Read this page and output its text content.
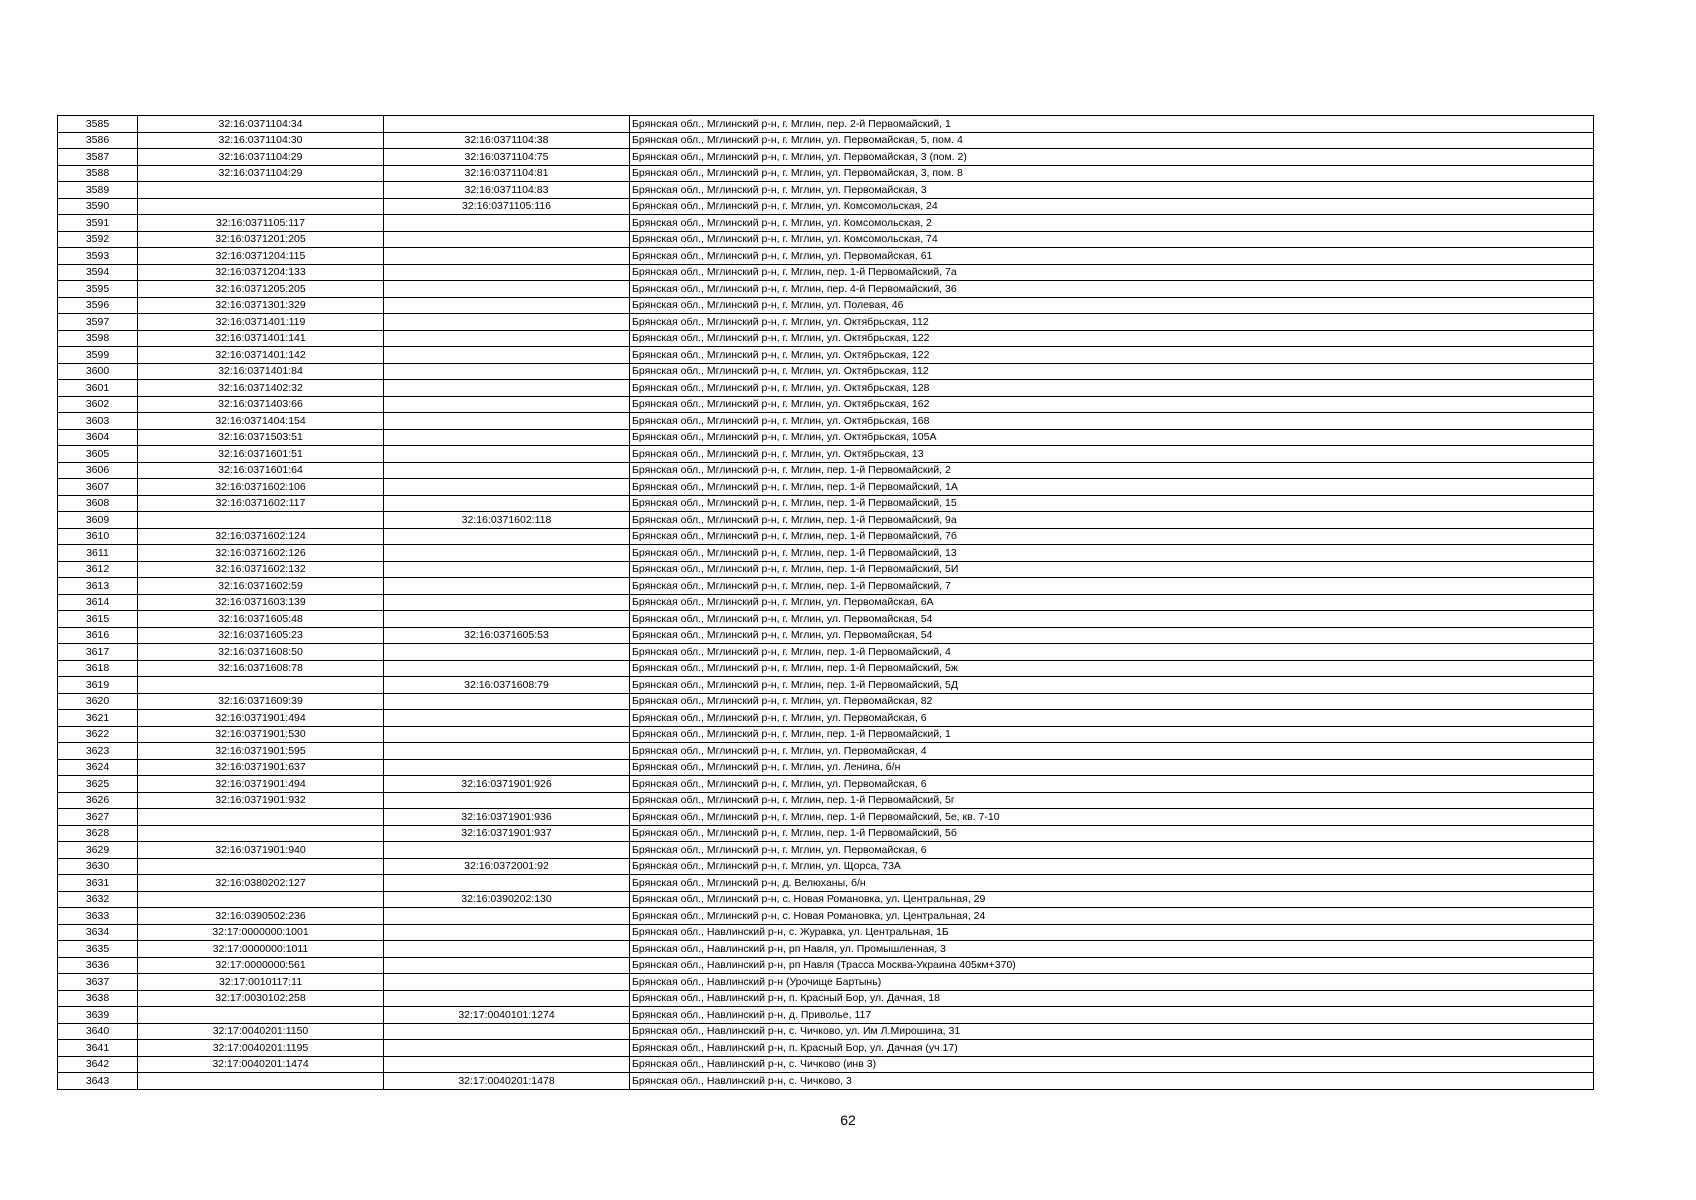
3585	32:16:0371104:34		Брянская обл., Мглинский р-н, г. Мглин, пер. 2-й Первомайский, 1
3586	32:16:0371104:30	32:16:0371104:38	Брянская обл., Мглинский р-н, г. Мглин, ул. Первомайская, 5, пом. 4
3587	32:16:0371104:29	32:16:0371104:75	Брянская обл., Мглинский р-н, г. Мглин, ул. Первомайская, 3 (пом. 2)
3588	32:16:0371104:29	32:16:0371104:81	Брянская обл., Мглинский р-н, г. Мглин, ул. Первомайская, 3, пом. 8
3589		32:16:0371104:83	Брянская обл., Мглинский р-н, г. Мглин, ул. Первомайская, 3
3590		32:16:0371105:116	Брянская обл., Мглинский р-н, г. Мглин, ул. Комсомольская, 24
3591	32:16:0371105:117		Брянская обл., Мглинский р-н, г. Мглин, ул. Комсомольская, 2
3592	32:16:0371201:205		Брянская обл., Мглинский р-н, г. Мглин, ул. Комсомольская, 74
3593	32:16:0371204:115		Брянская обл., Мглинский р-н, г. Мглин, ул. Первомайская, 61
3594	32:16:0371204:133		Брянская обл., Мглинский р-н, г. Мглин, пер. 1-й Первомайский, 7а
3595	32:16:0371205:205		Брянская обл., Мглинский р-н, г. Мглин, пер. 4-й Первомайский, 36
3596	32:16:0371301:329		Брянская обл., Мглинский р-н, г. Мглин, ул. Полевая, 46
3597	32:16:0371401:119		Брянская обл., Мглинский р-н, г. Мглин, ул. Октябрьская, 112
3598	32:16:0371401:141		Брянская обл., Мглинский р-н, г. Мглин, ул. Октябрьская, 122
3599	32:16:0371401:142		Брянская обл., Мглинский р-н, г. Мглин, ул. Октябрьская, 122
3600	32:16:0371401:84		Брянская обл., Мглинский р-н, г. Мглин, ул. Октябрьская, 112
3601	32:16:0371402:32		Брянская обл., Мглинский р-н, г. Мглин, ул. Октябрьская, 128
3602	32:16:0371403:66		Брянская обл., Мглинский р-н, г. Мглин, ул. Октябрьская, 162
3603	32:16:0371404:154		Брянская обл., Мглинский р-н, г. Мглин, ул. Октябрьская, 168
3604	32:16:0371503:51		Брянская обл., Мглинский р-н, г. Мглин, ул. Октябрьская, 105А
3605	32:16:0371601:51		Брянская обл., Мглинский р-н, г. Мглин, ул. Октябрьская, 13
3606	32:16:0371601:64		Брянская обл., Мглинский р-н, г. Мглин, пер. 1-й Первомайский, 2
3607	32:16:0371602:106		Брянская обл., Мглинский р-н, г. Мглин, пер. 1-й Первомайский, 1А
3608	32:16:0371602:117		Брянская обл., Мглинский р-н, г. Мглин, пер. 1-й Первомайский, 15
3609		32:16:0371602:118	Брянская обл., Мглинский р-н, г. Мглин, пер. 1-й Первомайский, 9а
3610	32:16:0371602:124		Брянская обл., Мглинский р-н, г. Мглин, пер. 1-й Первомайский, 7б
3611	32:16:0371602:126		Брянская обл., Мглинский р-н, г. Мглин, пер. 1-й Первомайский, 13
3612	32:16:0371602:132		Брянская обл., Мглинский р-н, г. Мглин, пер. 1-й Первомайский, 5И
3613	32:16:0371602:59		Брянская обл., Мглинский р-н, г. Мглин, пер. 1-й Первомайский, 7
3614	32:16:0371603:139		Брянская обл., Мглинский р-н, г. Мглин, ул. Первомайская, 6А
3615	32:16:0371605:48		Брянская обл., Мглинский р-н, г. Мглин, ул. Первомайская, 54
3616	32:16:0371605:23	32:16:0371605:53	Брянская обл., Мглинский р-н, г. Мглин, ул. Первомайская, 54
3617	32:16:0371608:50		Брянская обл., Мглинский р-н, г. Мглин, пер. 1-й Первомайский, 4
3618	32:16:0371608:78		Брянская обл., Мглинский р-н, г. Мглин, пер. 1-й Первомайский, 5ж
3619		32:16:0371608:79	Брянская обл., Мглинский р-н, г. Мглин, пер. 1-й Первомайский, 5Д
3620	32:16:0371609:39		Брянская обл., Мглинский р-н, г. Мглин, ул. Первомайская, 82
3621	32:16:0371901:494		Брянская обл., Мглинский р-н, г. Мглин, ул. Первомайская, 6
3622	32:16:0371901:530		Брянская обл., Мглинский р-н, г. Мглин, пер. 1-й Первомайский, 1
3623	32:16:0371901:595		Брянская обл., Мглинский р-н, г. Мглин, ул. Первомайская, 4
3624	32:16:0371901:637		Брянская обл., Мглинский р-н, г. Мглин, ул. Ленина, б/н
3625	32:16:0371901:494	32:16:0371901:926	Брянская обл., Мглинский р-н, г. Мглин, ул. Первомайская, 6
3626	32:16:0371901:932		Брянская обл., Мглинский р-н, г. Мглин, пер. 1-й Первомайский, 5г
3627		32:16:0371901:936	Брянская обл., Мглинский р-н, г. Мглин, пер. 1-й Первомайский, 5е, кв. 7-10
3628		32:16:0371901:937	Брянская обл., Мглинский р-н, г. Мглин, пер. 1-й Первомайский, 5б
3629	32:16:0371901:940		Брянская обл., Мглинский р-н, г. Мглин, ул. Первомайская, 6
3630		32:16:0372001:92	Брянская обл., Мглинский р-н, г. Мглин, ул. Щорса, 73А
3631	32:16:0380202:127		Брянская обл., Мглинский р-н, д. Велюханы, б/н
3632		32:16:0390202:130	Брянская обл., Мглинский р-н, с. Новая Романовка, ул. Центральная, 29
3633	32:16:0390502:236		Брянская обл., Мглинский р-н, с. Новая Романовка, ул. Центральная, 24
3634	32:17:0000000:1001		Брянская обл., Навлинский р-н, с. Журавка, ул. Центральная, 1Б
3635	32:17:0000000:1011		Брянская обл., Навлинский р-н, рп Навля, ул. Промышленная, 3
3636	32:17:0000000:561		Брянская обл., Навлинский р-н, рп Навля (Трасса Москва-Украина 405км+370)
3637	32:17:0010117:11		Брянская обл., Навлинский р-н (Урочище Бартынь)
3638	32:17:0030102:258		Брянская обл., Навлинский р-н, п. Красный Бор, ул. Дачная, 18
3639		32:17:0040101:1274	Брянская обл., Навлинский р-н, д. Приволье, 117
3640	32:17:0040201:1150		Брянская обл., Навлинский р-н, с. Чичково, ул. Им Л.Мирошина, 31
3641	32:17:0040201:1195		Брянская обл., Навлинский р-н, п. Красный Бор, ул. Дачная (уч 17)
3642	32:17:0040201:1474		Брянская обл., Навлинский р-н, с. Чичково (инв 3)
3643		32:17:0040201:1478	Брянская обл., Навлинский р-н, с. Чичково, 3
62
